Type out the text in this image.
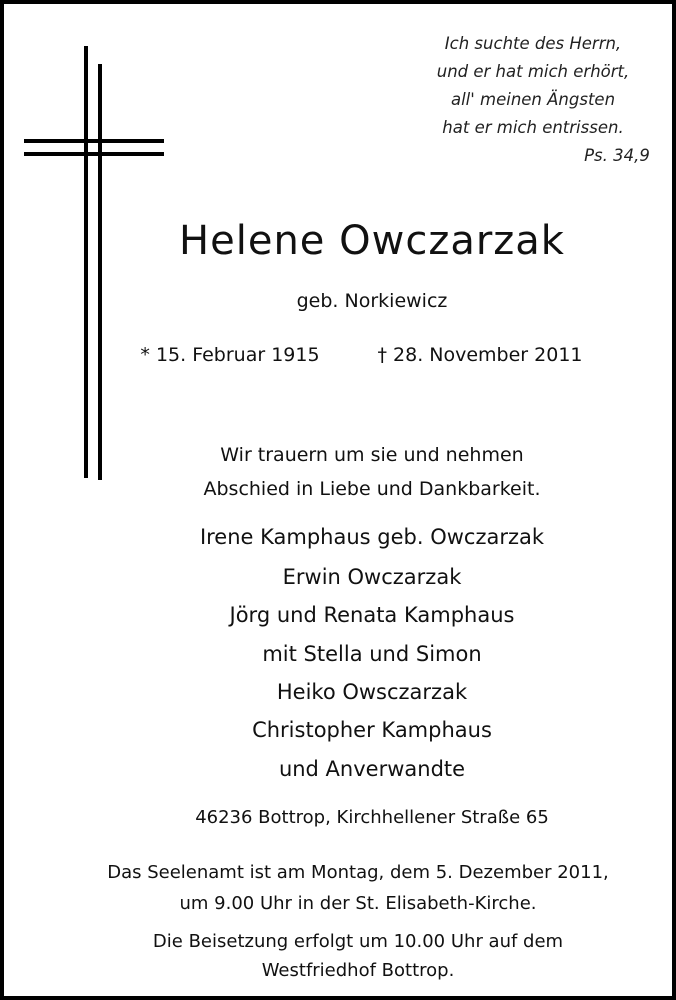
Ich suchte des Herrn,
und er hat mich erhört,
all' meinen Ängsten
hat er mich entrissen.
Ps. 34,9
Helene Owczarzak
geb. Norkiewicz
* 15. Februar 1915	† 28. November 2011
Wir trauern um sie und nehmen
Abschied in Liebe und Dankbarkeit.
Irene Kamphaus geb. Owczarzak
Erwin Owczarzak
Jörg und Renata Kamphaus
mit Stella und Simon
Heiko Owsczarzak
Christopher Kamphaus
und Anverwandte
46236 Bottrop, Kirchhellener Straße 65
Das Seelenamt ist am Montag, dem 5. Dezember 2011,
um 9.00 Uhr in der St. Elisabeth-Kirche.
Die Beisetzung erfolgt um 10.00 Uhr auf dem
Westfriedhof Bottrop.
